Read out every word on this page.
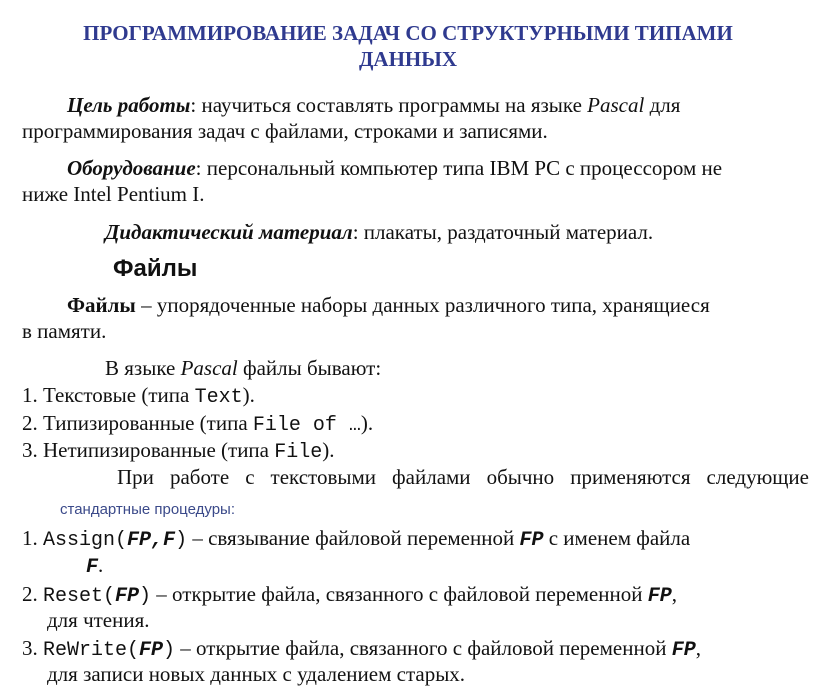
ПРОГРАММИРОВАНИЕ ЗАДАЧ СО СТРУКТУРНЫМИ ТИПАМИ
ДАННЫХ
Цель работы: научиться составлять программы на языке Pascal для
программирования задач с файлами, строками и записями.
Оборудование: персональный компьютер типа IBM PC с процессором не
ниже Intel Pentium I.
Дидактический материал: плакаты, раздаточный материал.
Файлы
Файлы – упорядоченные наборы данных различного типа, хранящиеся
в памяти.
В языке Pascal файлы бывают:
1. Текстовые (типа Text).
2. Типизированные (типа File of …).
3. Нетипизированные (типа File).
При работе с текстовыми файлами обычно применяются следующие
стандартные процедуры:
1. Assign(FP,F) – связывание файловой переменной FP с именем файла
F.
2. Reset(FP) – открытие файла, связанного с файловой переменной FP,
для чтения.
3. ReWrite(FP) – открытие файла, связанного с файловой переменной FP,
для записи новых данных с удалением старых.
